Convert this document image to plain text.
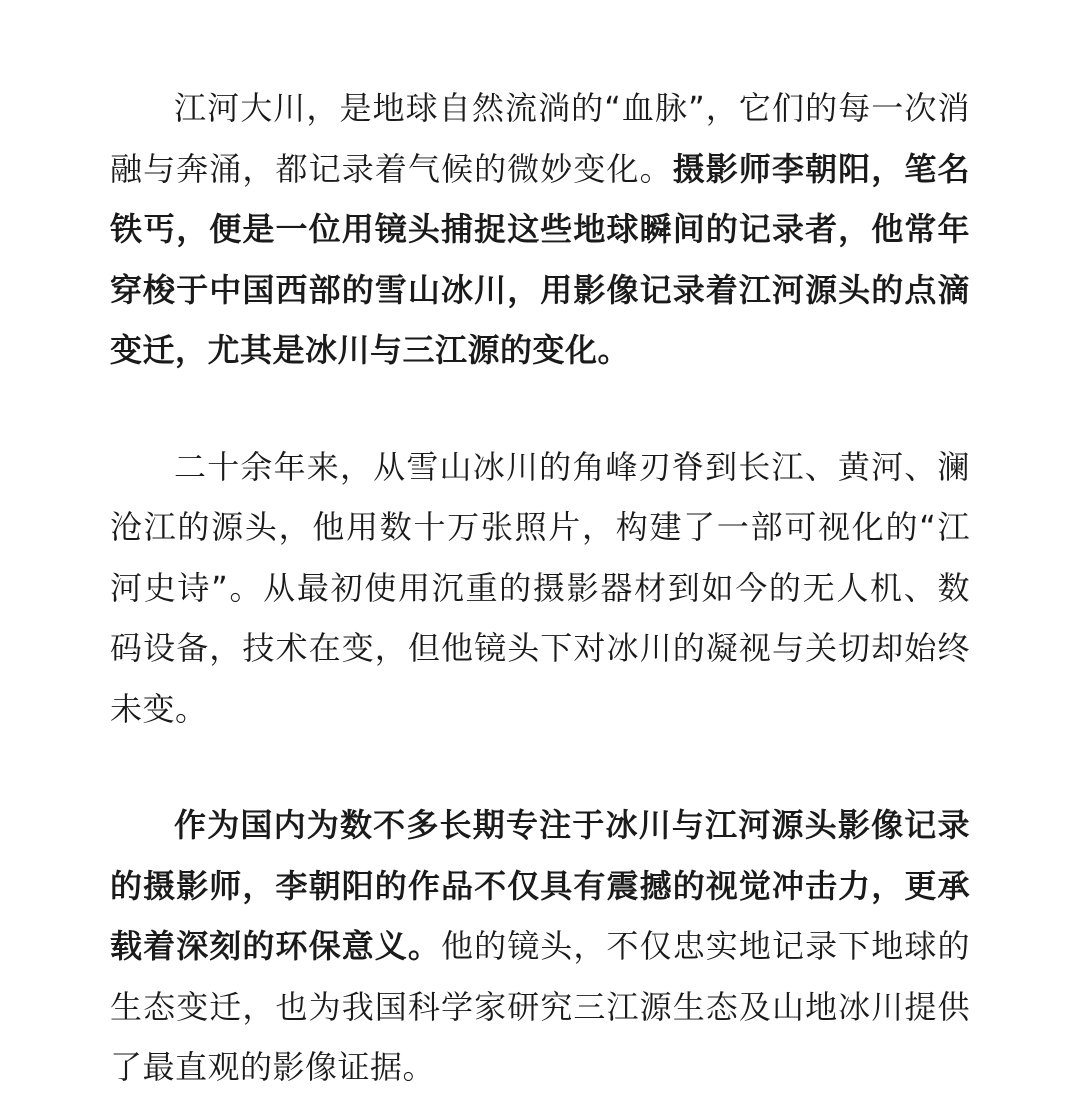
江河大川，是地球自然流淌的“血脉”，它们的每一次消融与奔涌，都记录着气候的微妙变化。摄影师李朝阳，笔名铁丐，便是一位用镜头捕捉这些地球瞬间的记录者，他常年穿梭于中国西部的雪山冰川，用影像记录着江河源头的点滴变迁，尤其是冰川与三江源的变化。

二十余年来，从雪山冰川的角峰刃脊到长江、黄河、澜沧江的源头，他用数十万张照片，构建了一部可视化的“江河史诗”。从最初使用沉重的摄影器材到如今的无人机、数码设备，技术在变，但他镜头下对冰川的凝视与关切却始终未变。

作为国内为数不多长期专注于冰川与江河源头影像记录的摄影师，李朝阳的作品不仅具有震撼的视觉冲击力，更承载着深刻的环保意义。他的镜头，不仅忠实地记录下地球的生态变迁，也为我国科学家研究三江源生态及山地冰川提供了最直观的影像证据。
